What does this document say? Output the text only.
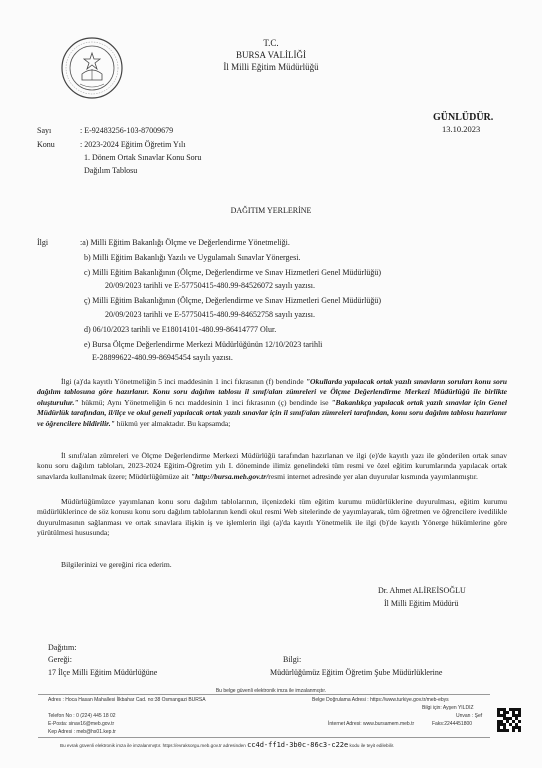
T.C.
BURSA VALİLİĞİ
İl Milli Eğitim Müdürlüğü
GÜNLÜDÜR.
13.10.2023
Sayı	: E-92483256-103-87009679
Konu	: 2023-2024 Eğitim Öğretim Yılı
1. Dönem Ortak Sınavlar Konu Soru
Dağılım Tablosu
DAĞITIM YERLERİNE
İlgi	:a) Milli Eğitim Bakanlığı Ölçme ve Değerlendirme Yönetmeliği.
b) Milli Eğitim Bakanlığı Yazılı ve Uygulamalı Sınavlar Yönergesi.
c) Milli Eğitim Bakanlığının (Ölçme, Değerlendirme ve Sınav Hizmetleri Genel Müdürlüğü)
20/09/2023 tarihli ve E-57750415-480.99-84526072 sayılı yazısı.
ç) Milli Eğitim Bakanlığının (Ölçme, Değerlendirme ve Sınav Hizmetleri Genel Müdürlüğü)
20/09/2023 tarihli ve E-57750415-480.99-84652758 sayılı yazısı.
d) 06/10/2023 tarihli ve E18014101-480.99-86414777 Olur.
e) Bursa Ölçme Değerlendirme Merkezi Müdürlüğünün 12/10/2023 tarihli
E-28899622-480.99-86945454 sayılı yazısı.
İlgi (a)'da kayıtlı Yönetmeliğin 5 inci maddesinin 1 inci fıkrasının (f) bendinde "Okullarda yapılacak ortak yazılı sınavların soruları konu soru dağılım tablosuna göre hazırlanır. Konu soru dağılım tablosu il sınıf/alan zümreleri ve Ölçme Değerlendirme Merkezi Müdürlüğü ile birlikte oluşturulur." hükmü; Aynı Yönetmeliğin 6 ncı maddesinin 1 inci fıkrasının (ç) bendinde ise "Bakanlıkça yapılacak ortak yazılı sınavlar için Genel Müdürlük tarafından, il/ilçe ve okul geneli yapılacak ortak yazılı sınavlar için il sınıf/alan zümreleri tarafından, konu soru dağılım tablosu hazırlanır ve öğrencilere bildirilir." hükmü yer almaktadır. Bu kapsamda;
İl sınıf/alan zümreleri ve Ölçme Değerlendirme Merkezi Müdürlüğü tarafından hazırlanan ve ilgi (e)'de kayıtlı yazı ile gönderilen ortak sınav konu soru dağılım tabloları, 2023-2024 Eğitim-Öğretim yılı I. döneminde ilimiz genelindeki tüm resmi ve özel eğitim kurumlarında yapılacak ortak sınavlarda kullanılmak üzere; Müdürlüğümüze ait "http://bursa.meb.gov.tr/resmi internet adresinde yer alan duyurular kısmında yayımlanmıştır.
Müdürlüğümüzce yayımlanan konu soru dağılım tablolarının, ilçenizdeki tüm eğitim kurumu müdürlüklerine duyurulması, eğitim kurumu müdürlüklerince de söz konusu konu soru dağılım tablolarının kendi okul resmi Web sitelerinde de yayımlayarak, tüm öğretmen ve öğrencilere ivedilikle duyurulmasının sağlanması ve ortak sınavlara ilişkin iş ve işlemlerin ilgi (a)'da kayıtlı Yönetmelik ile ilgi (b)'de kayıtlı Yönerge hükümlerine göre yürütülmesi hususunda;
Bilgilerinizi ve gereğini rica ederim.
Dr. Ahmet ALİREİSOĞLU
İl Milli Eğitim Müdürü
Dağıtım:
Gereği:
17 İlçe Milli Eğitim Müdürlüğüne
Bilgi:
Müdürlüğümüz Eğitim Öğretim Şube Müdürlüklerine
Bu belge güvenli elektronik imza ile imzalanmıştır.
Adres : Hoca Hasan Mahallesi İlkbahar Cad. no:38 Osmangazi BURSA	Belge Doğrulama Adresi : https://www.turkiye.gov.tr/meb-ebys
Bilgi için: Ayşen YILDIZ
Unvan : Şef
Telefon No : 0 (224) 445 18 02
E-Posta: sinav16@meb.gov.tr	İnternet Adresi: www.bursamem.meb.tr	Faks:2244451800
Kep Adresi : meb@hs01.kep.tr
Bu evrak güvenli elektronik imza ile imzalanmıştır. https://evraksorgu.meb.gov.tr adresinden cc4d-ff1d-3b0c-86c3-c22e kodu ile teyit edilebilir.
